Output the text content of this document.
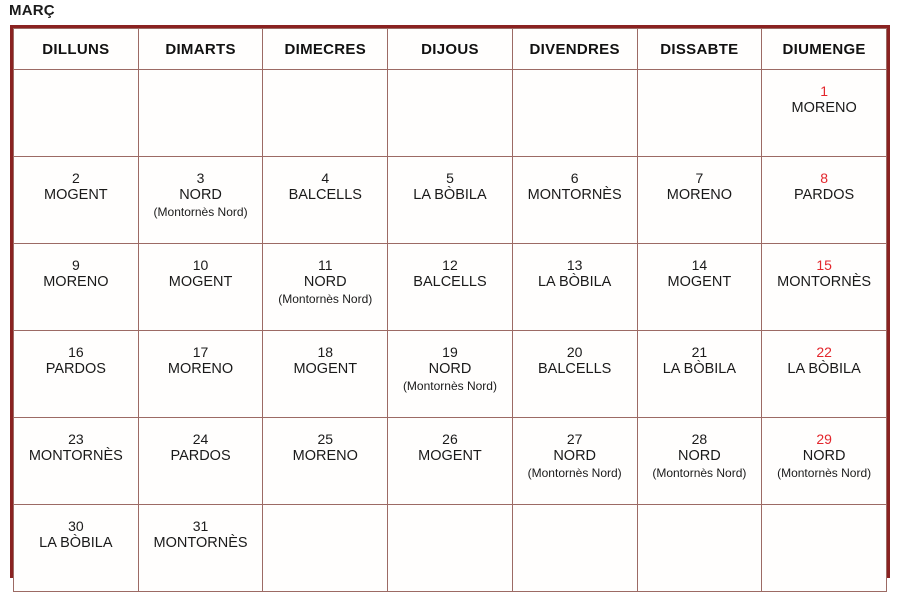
MARÇ
DILLUNS	DIMARTS	DIMECRES	DIJOUS	DIVENDRES	DISSABTE	DIUMENGE

						1
MORENO

2
MOGENT	3
NORD
(Montornès Nord)	4
BALCELLS	5
LA BÒBILA	6
MONTORNÈS	7
MORENO	8
PARDOS

9
MORENO	10
MOGENT	11
NORD
(Montornès Nord)	12
BALCELLS	13
LA BÒBILA	14
MOGENT	15
MONTORNÈS

16
PARDOS	17
MORENO	18
MOGENT	19
NORD
(Montornès Nord)	20
BALCELLS	21
LA BÒBILA	22
LA BÒBILA

23
MONTORNÈS	24
PARDOS	25
MORENO	26
MOGENT	27
NORD
(Montornès Nord)	28
NORD
(Montornès Nord)	29
NORD
(Montornès Nord)

30
LA BÒBILA	31
MONTORNÈS					
